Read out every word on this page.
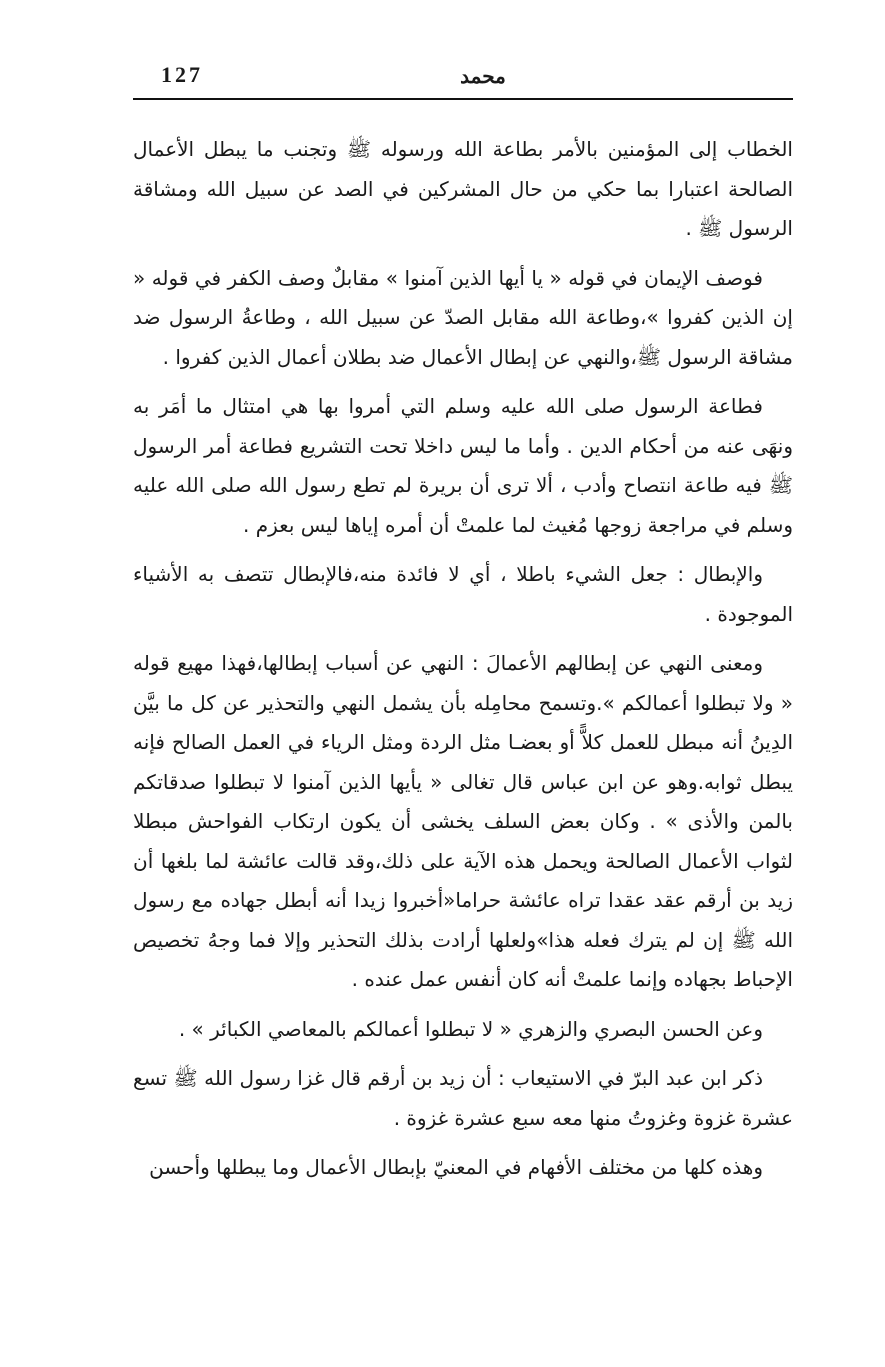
127	محمد

الخطاب إلى المؤمنين بالأمر بطاعة الله ورسوله ﷺ وتجنب ما يبطل الأعمال الصالحة اعتبارا بما حكي من حال المشركين في الصد عن سبيل الله ومشاقة الرسول ﷺ .

فوصف الإيمان في قوله « يا أيها الذين آمنوا » مقابلٌ وصف الكفر في قوله « إن الذين كفروا »،وطاعة الله مقابل الصدّ عن سبيل الله ، وطاعةُ الرسول ضد مشاقة الرسول ﷺ،والنهي عن إبطال الأعمال ضد بطلان أعمال الذين كفروا .

فطاعة الرسول صلى الله عليه وسلم التي أمروا بها هي امتثال ما أمَر به ونهَى عنه من أحكام الدين . وأما ما ليس داخلا تحت التشريع فطاعة أمر الرسول ﷺ فيه طاعة انتصاح وأدب ، ألا ترى أن بريرة لم تطع رسول الله صلى الله عليه وسلم في مراجعة زوجها مُغيث لما علمتْ أن أمره إياها ليس بعزم .

والإبطال : جعل الشيء باطلا ، أي لا فائدة منه،فالإبطال تتصف به الأشياء الموجودة .

ومعنى النهي عن إبطالهم الأعمالَ : النهي عن أسباب إبطالها،فهذا مهيع قوله « ولا تبطلوا أعمالكم ».وتسمح محامِله بأن يشمل النهي والتحذير عن كل ما بيَّن الدِينُ أنه مبطل للعمل كلاًّ أو بعضـا مثل الردة ومثل الرياء في العمل الصالح فإنه يبطل ثوابه.وهو عن ابن عباس قال تغالى « يأيها الذين آمنوا لا تبطلوا صدقاتكم بالمن والأذى » . وكان بعض السلف يخشى أن يكون ارتكاب الفواحش مبطلا لثواب الأعمال الصالحة ويحمل هذه الآية على ذلك،وقد قالت عائشة لما بلغها أن زيد بن أرقم عقد عقدا تراه عائشة حراما«أخبروا زيدا أنه أبطل جهاده مع رسول الله ﷺ إن لم يترك فعله هذا»ولعلها أرادت بذلك التحذير وإلا فما وجهُ تخصيص الإحباط بجهاده وإنما علمتْ أنه كان أنفس عمل عنده .

وعن الحسن البصري والزهري « لا تبطلوا أعمالكم بالمعاصي الكبائر » .

ذكر ابن عبد البرّ في الاستيعاب : أن زيد بن أرقم قال غزا رسول الله ﷺ تسع عشرة غزوة وغزوتُ منها معه سبع عشرة غزوة .

وهذه كلها من مختلف الأفهام في المعنيّ بإبطال الأعمال وما يبطلها وأحسن
